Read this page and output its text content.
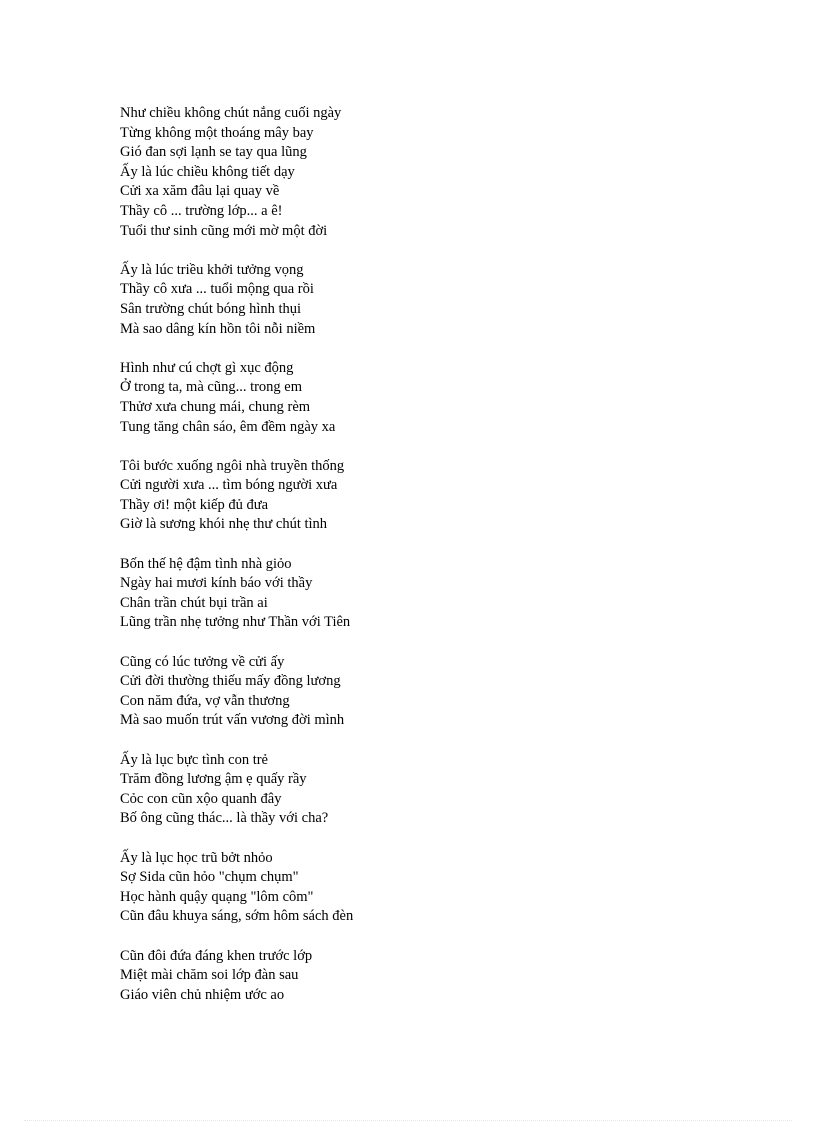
Như chiều không chút nắng cuối ngày
Từng không một thoáng mây bay
Gió đan sợi lạnh se tay qua lũng
Ấy là lúc chiều không tiết dạy
Cửi xa xăm đâu lại quay về
Thầy cô ... trường lớp... a ê!
Tuổi thư sinh cũng mới mờ một đời
Ấy là lúc triều khởi tưởng vọng
Thầy cô xưa ... tuổi mộng qua rồi
Sân trường chút bóng hình thụi
Mà sao dâng kín hồn tôi nỗi niềm
Hình như cú chợt gì xục động
Ở trong ta, mà cũng... trong em
Thửơ xưa chung mái, chung rèm
Tung tăng chân sáo, êm đềm ngày xa
Tôi bước xuống ngôi nhà truyền thống
Cửi người xưa ... tìm bóng người xưa
Thầy ơi! một kiếp đủ đưa
Giờ là sương khói nhẹ thư chút tình
Bốn thế hệ đậm tình nhà giỏo
Ngày hai mươi kính báo với thầy
Chân trần chút bụi trần ai
Lũng trần nhẹ tưởng như Thần với Tiên
Cũng có lúc tưởng về cửi ấy
Cửi đời thường thiếu mấy đồng lương
Con năm đứa, vợ vẫn thương
Mà sao muốn trút vấn vương đời mình
Ấy là lục bực tình con trẻ
Trăm đồng lương ậm ẹ quấy rầy
Cỏc con cũn xộo quanh đây
Bố ông cũng thác... là thầy với cha?
Ấy là lục học trũ bởt nhỏo
Sợ Sida cũn hỏo "chụm chụm"
Học hành quậy quạng "lôm côm"
Cũn đâu khuya sáng, sớm hôm sách đèn
Cũn đôi đứa đáng khen trước lớp
Miệt mài chăm soi lớp đàn sau
Giáo viên chủ nhiệm ước ao
